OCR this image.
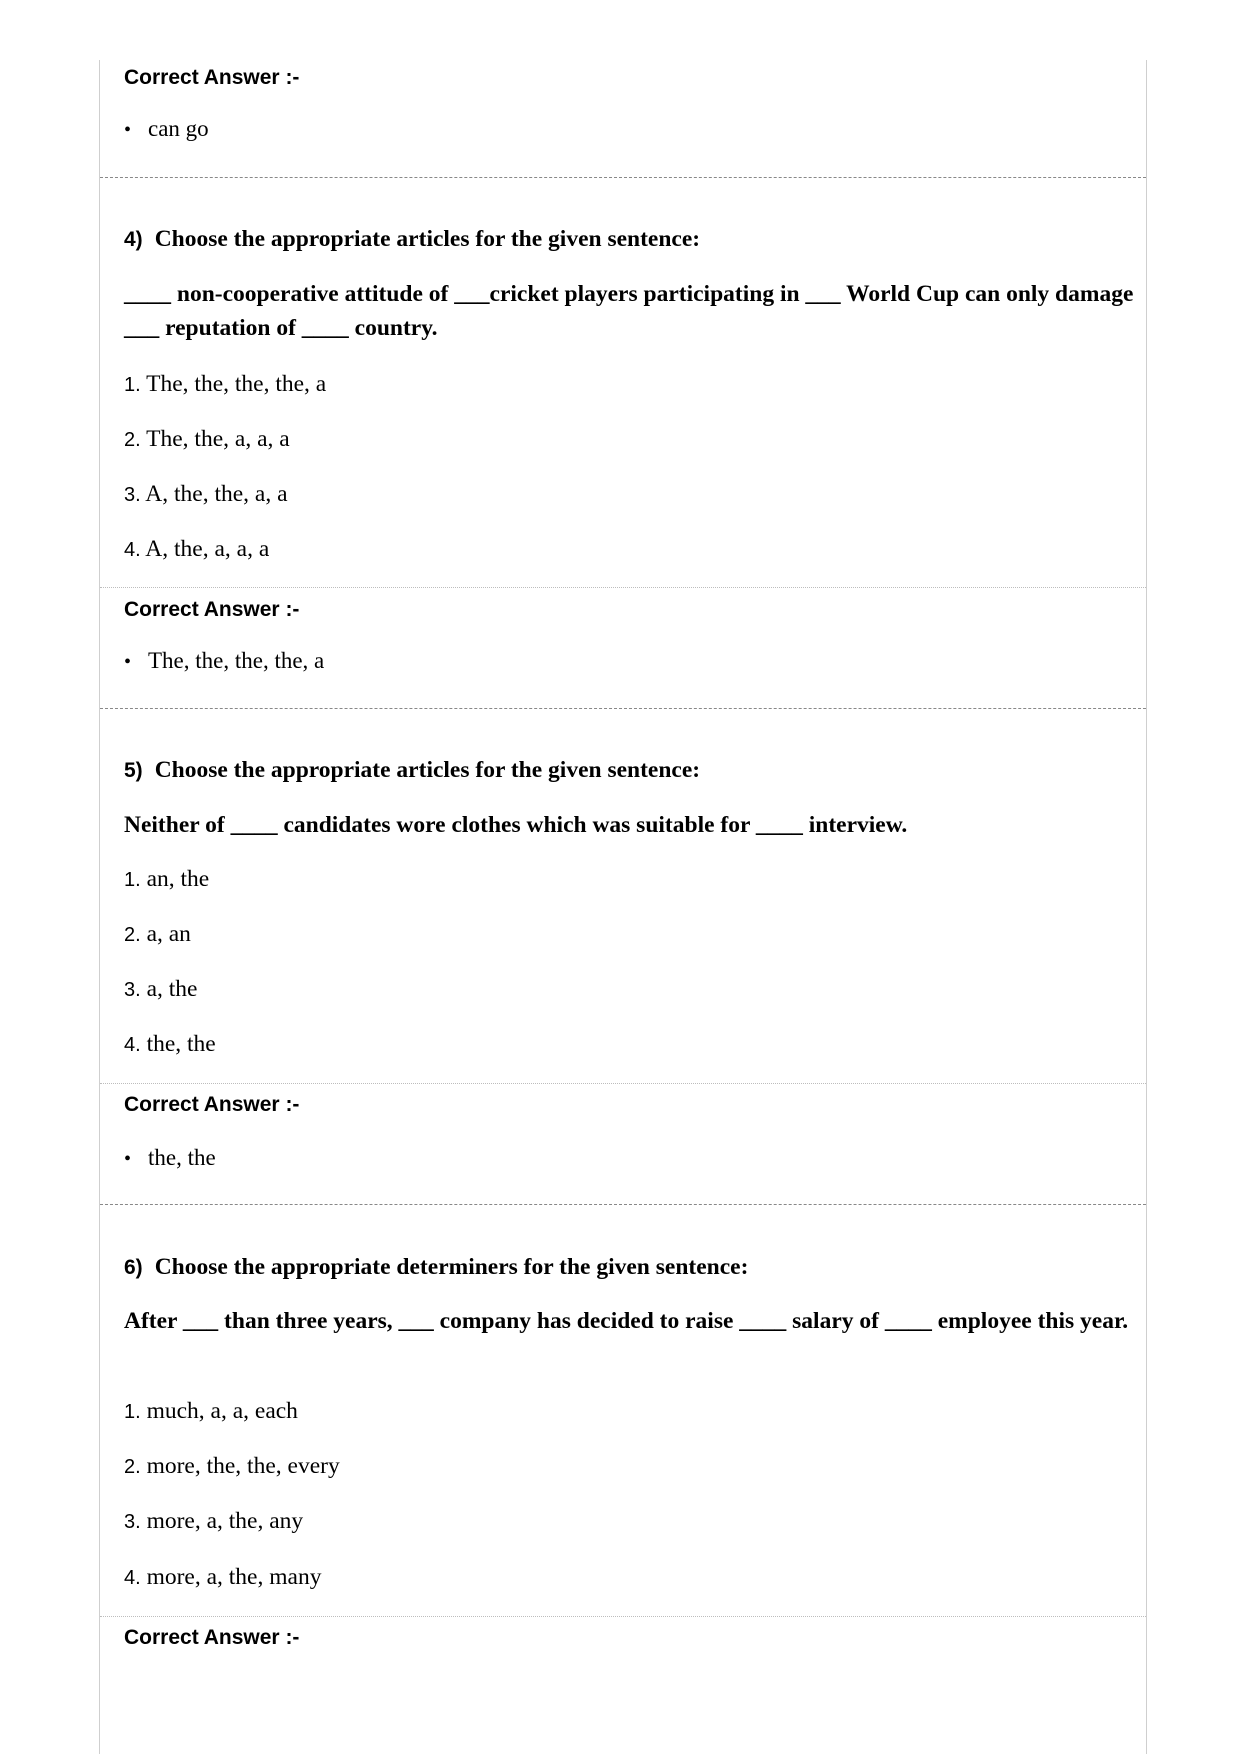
Correct Answer :-
• can go
4) Choose the appropriate articles for the given sentence:
____ non-cooperative attitude of ___cricket players participating in ___ World Cup can only damage ___ reputation of ____ country.
1. The, the, the, the, a
2. The, the, a, a, a
3. A, the, the, a, a
4. A, the, a, a, a
Correct Answer :-
• The, the, the, the, a
5) Choose the appropriate articles for the given sentence:
Neither of ____ candidates wore clothes which was suitable for ____ interview.
1. an, the
2. a, an
3. a, the
4. the, the
Correct Answer :-
• the, the
6) Choose the appropriate determiners for the given sentence:
After ___ than three years, ___ company has decided to raise ____ salary of ____ employee this year.
1. much, a, a, each
2. more, the, the, every
3. more, a, the, any
4. more, a, the, many
Correct Answer :-
